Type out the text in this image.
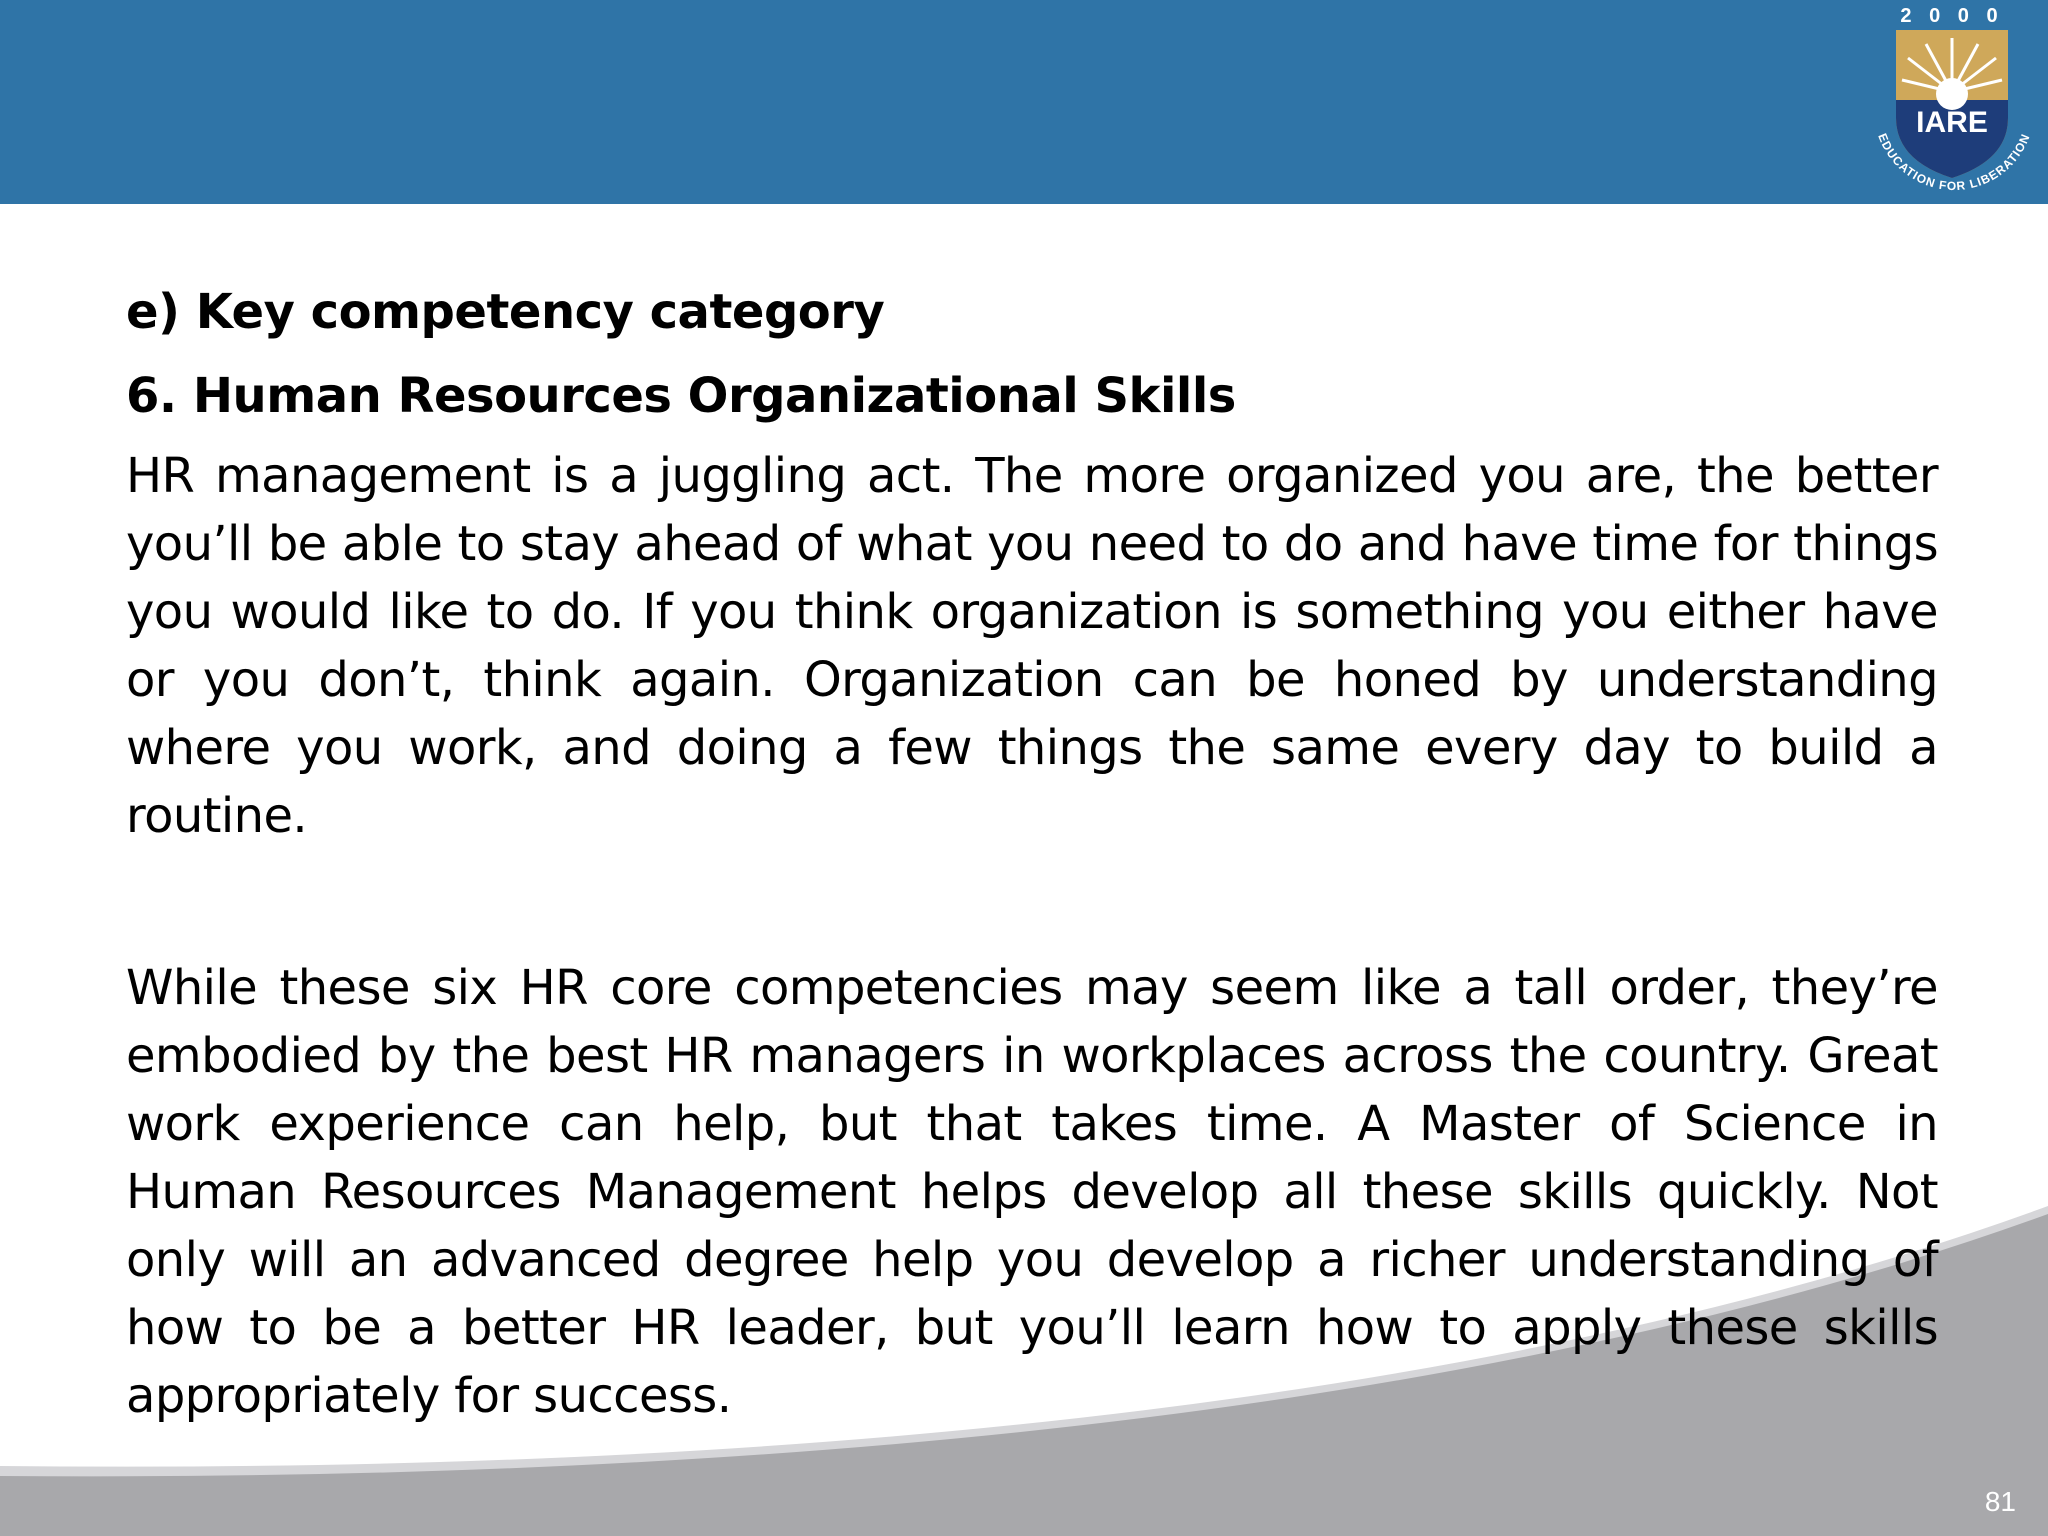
2 0 0 0
IARE
EDUCATION FOR LIBERATION
e) Key competency category
6. Human Resources Organizational Skills

HR management is a juggling act. The more organized you are, the better you’ll be able to stay ahead of what you need to do and have time for things you would like to do. If you think organization is something you either have or you don’t, think again. Organization can be honed by understanding where you work, and doing a few things the same every day to build a routine.

While these six HR core competencies may seem like a tall order, they’re embodied by the best HR managers in workplaces across the country. Great work experience can help, but that takes time. A Master of Science in Human Resources Management helps develop all these skills quickly. Not only will an advanced degree help you develop a richer understanding of how to be a better HR leader, but you’ll learn how to apply these skills appropriately for success.

81
